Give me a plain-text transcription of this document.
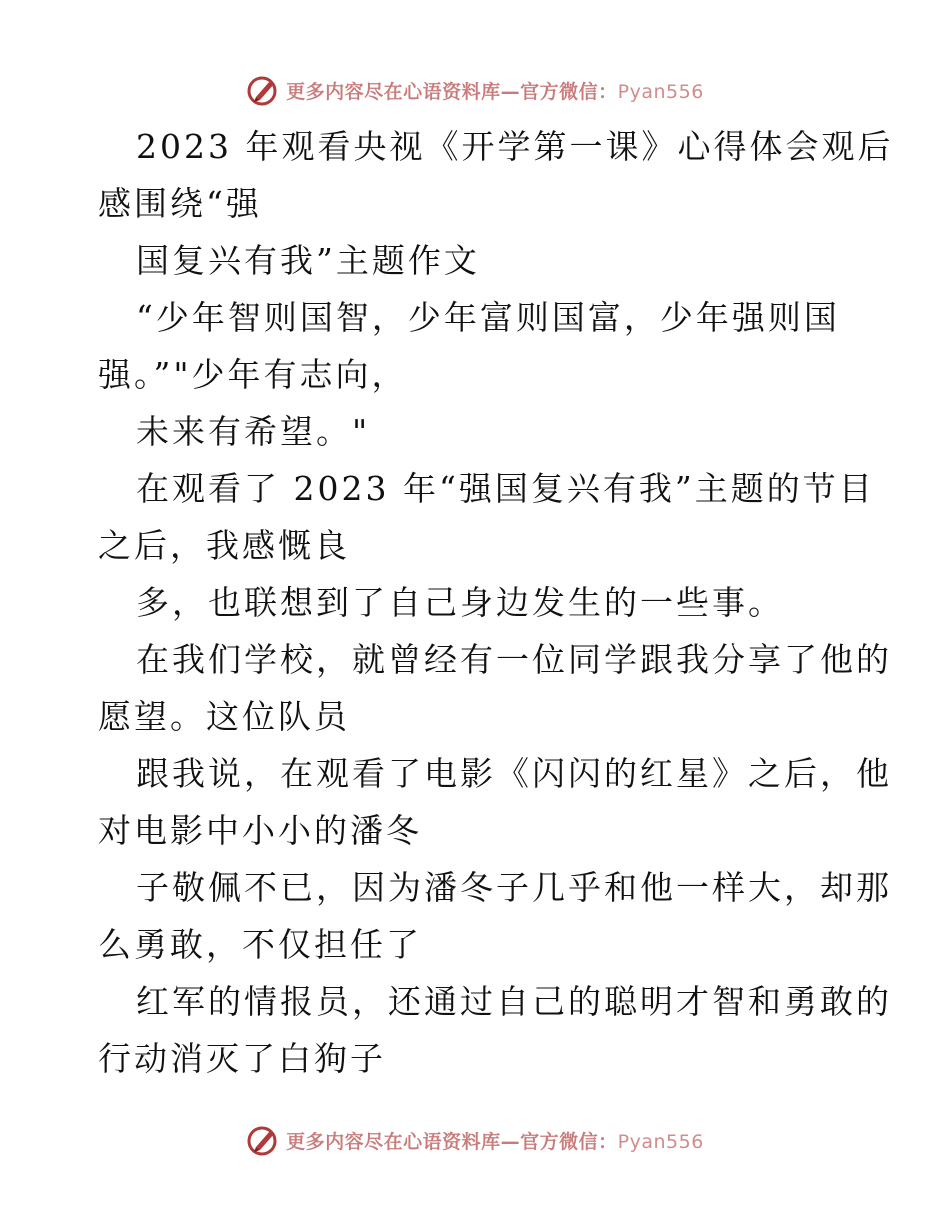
更多内容尽在心语资料库—官方微信：Pyan556
2023 年观看央视《开学第一课》心得体会观后
感围绕“强
国复兴有我”主题作文
“少年智则国智，少年富则国富，少年强则国
强。”"少年有志向，
未来有希望。"
在观看了 2023 年“强国复兴有我”主题的节目
之后，我感慨良
多，也联想到了自己身边发生的一些事。
在我们学校，就曾经有一位同学跟我分享了他的
愿望。这位队员
跟我说，在观看了电影《闪闪的红星》之后，他
对电影中小小的潘冬
子敬佩不已，因为潘冬子几乎和他一样大，却那
么勇敢，不仅担任了
红军的情报员，还通过自己的聪明才智和勇敢的
行动消灭了白狗子
更多内容尽在心语资料库—官方微信：Pyan556
